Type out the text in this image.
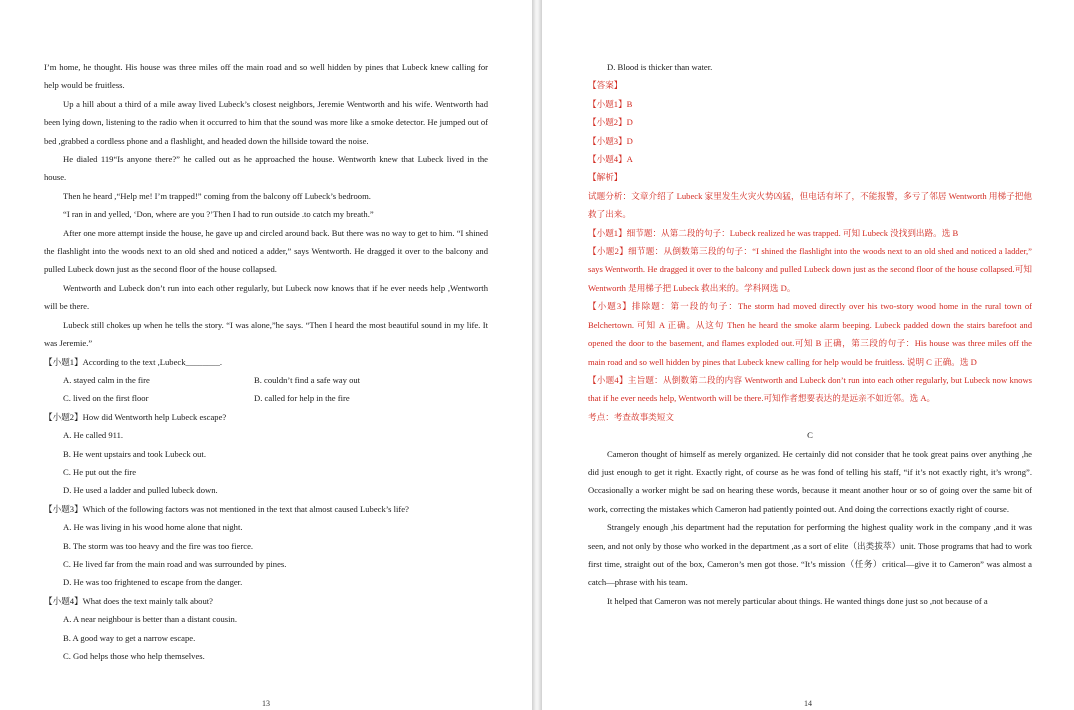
I’m home, he thought. His house was three miles off the main road and so well hidden by pines that Lubeck knew calling for help would be fruitless.

Up a hill about a third of a mile away lived Lubeck’s closest neighbors, Jeremie Wentworth and his wife. Wentworth had been lying down, listening to the radio when it occurred to him that the sound was more like a smoke detector. He jumped out of bed ,grabbed a cordless phone and a flashlight, and headed down the hillside toward the noise.

He dialed 119“Is anyone there?” he called out as he approached the house. Wentworth knew that Lubeck lived in the house.

Then he heard ,“Help me! I’m trapped!” coming from the balcony off Lubeck’s bedroom.

“I ran in and yelled, ‘Don, where are you ?’Then I had to run outside .to catch my breath.”

After one more attempt inside the house, he gave up and circled around back. But there was no way to get to him. “I shined the flashlight into the woods next to an old shed and noticed a adder,” says Wentworth. He dragged it over to the balcony and pulled Lubeck down just as the second floor of the house collapsed.

Wentworth and Lubeck don’t run into each other regularly, but Lubeck now knows that if he ever needs help ,Wentworth will be there.

Lubeck still chokes up when he tells the story. “I was alone,”he says. “Then I heard the most beautiful sound in my life. It was Jeremie.”

【小题1】According to the text ,Lubeck________.

A. stayed calm in the fire	B. couldn’t find a safe way out

C. lived on the first floor	D. called for help in the fire

【小题2】How did Wentworth help Lubeck escape?

A. He called 911.

B. He went upstairs and took Lubeck out.

C. He put out the fire

D. He used a ladder and pulled lubeck down.

【小题3】Which of the following factors was not mentioned in the text that almost caused Lubeck’s life?

A. He was living in his wood home alone that night.

B. The storm was too heavy and the fire was too fierce.

C. He lived far from the main road and was surrounded by pines.

D. He was too frightened to escape from the danger.

【小题4】What does the text mainly talk about?

A. A near neighbour is better than a distant cousin.

B. A good way to get a narrow escape.

C. God helps those who help themselves.

13

D. Blood is thicker than water.

【答案】

【小题1】B

【小题2】D

【小题3】D

【小题4】A

【解析】

试题分析：文章介绍了 Lubeck 家里发生火灾火势凶猛，但电话有坏了，不能报警，多亏了邻居 Wentworth 用梯子把他救了出来。

【小题1】细节题：从第二段的句子：Lubeck realized he was trapped. 可知 Lubeck 没找到出路。选 B

【小题2】细节题：从倒数第三段的句子：“I shined the flashlight into the woods next to an old shed and noticed a ladder,” says Wentworth. He dragged it over to the balcony and pulled Lubeck down just as the second floor of the house collapsed.可知 Wentworth 是用梯子把 Lubeck 救出来的。学科网选 D。

【小题3】排除题：第一段的句子：The storm had moved directly over his two-story wood home in the rural town of Belchertown. 可知 A 正确。从这句 Then he heard the smoke alarm beeping. Lubeck padded down the stairs barefoot and opened the door to the basement, and flames exploded out.可知 B 正确，第三段的句子：His house was three miles off the main road and so well hidden by pines that Lubeck knew calling for help would be fruitless. 说明 C 正确。选 D

【小题4】主旨题：从倒数第二段的内容 Wentworth and Lubeck don’t run into each other regularly, but Lubeck now knows that if he ever needs help, Wentworth will be there.可知作者想要表达的是远亲不如近邻。选 A。

考点：考查故事类短文

C

Cameron thought of himself as merely organized. He certainly did not consider that he took great pains over anything ,he did just enough to get it right. Exactly right, of course as he was fond of telling his staff, “if it’s not exactly right, it’s wrong”. Occasionally a worker might be sad on hearing these words, because it meant another hour or so of going over the same bit of work, correcting the mistakes which Cameron had patiently pointed out. And doing the corrections exactly right of course.

Strangely enough ,his department had the reputation for performing the highest quality work in the company ,and it was seen, and not only by those who worked in the department ,as a sort of elite（出类拔萃）unit. Those programs that had to work first time, straight out of the box, Cameron’s men got those. “It’s mission（任务）critical—give it to Cameron” was almost a catch—phrase with his team.

It helped that Cameron was not merely particular about things. He wanted things done just so ,not because of a

14
